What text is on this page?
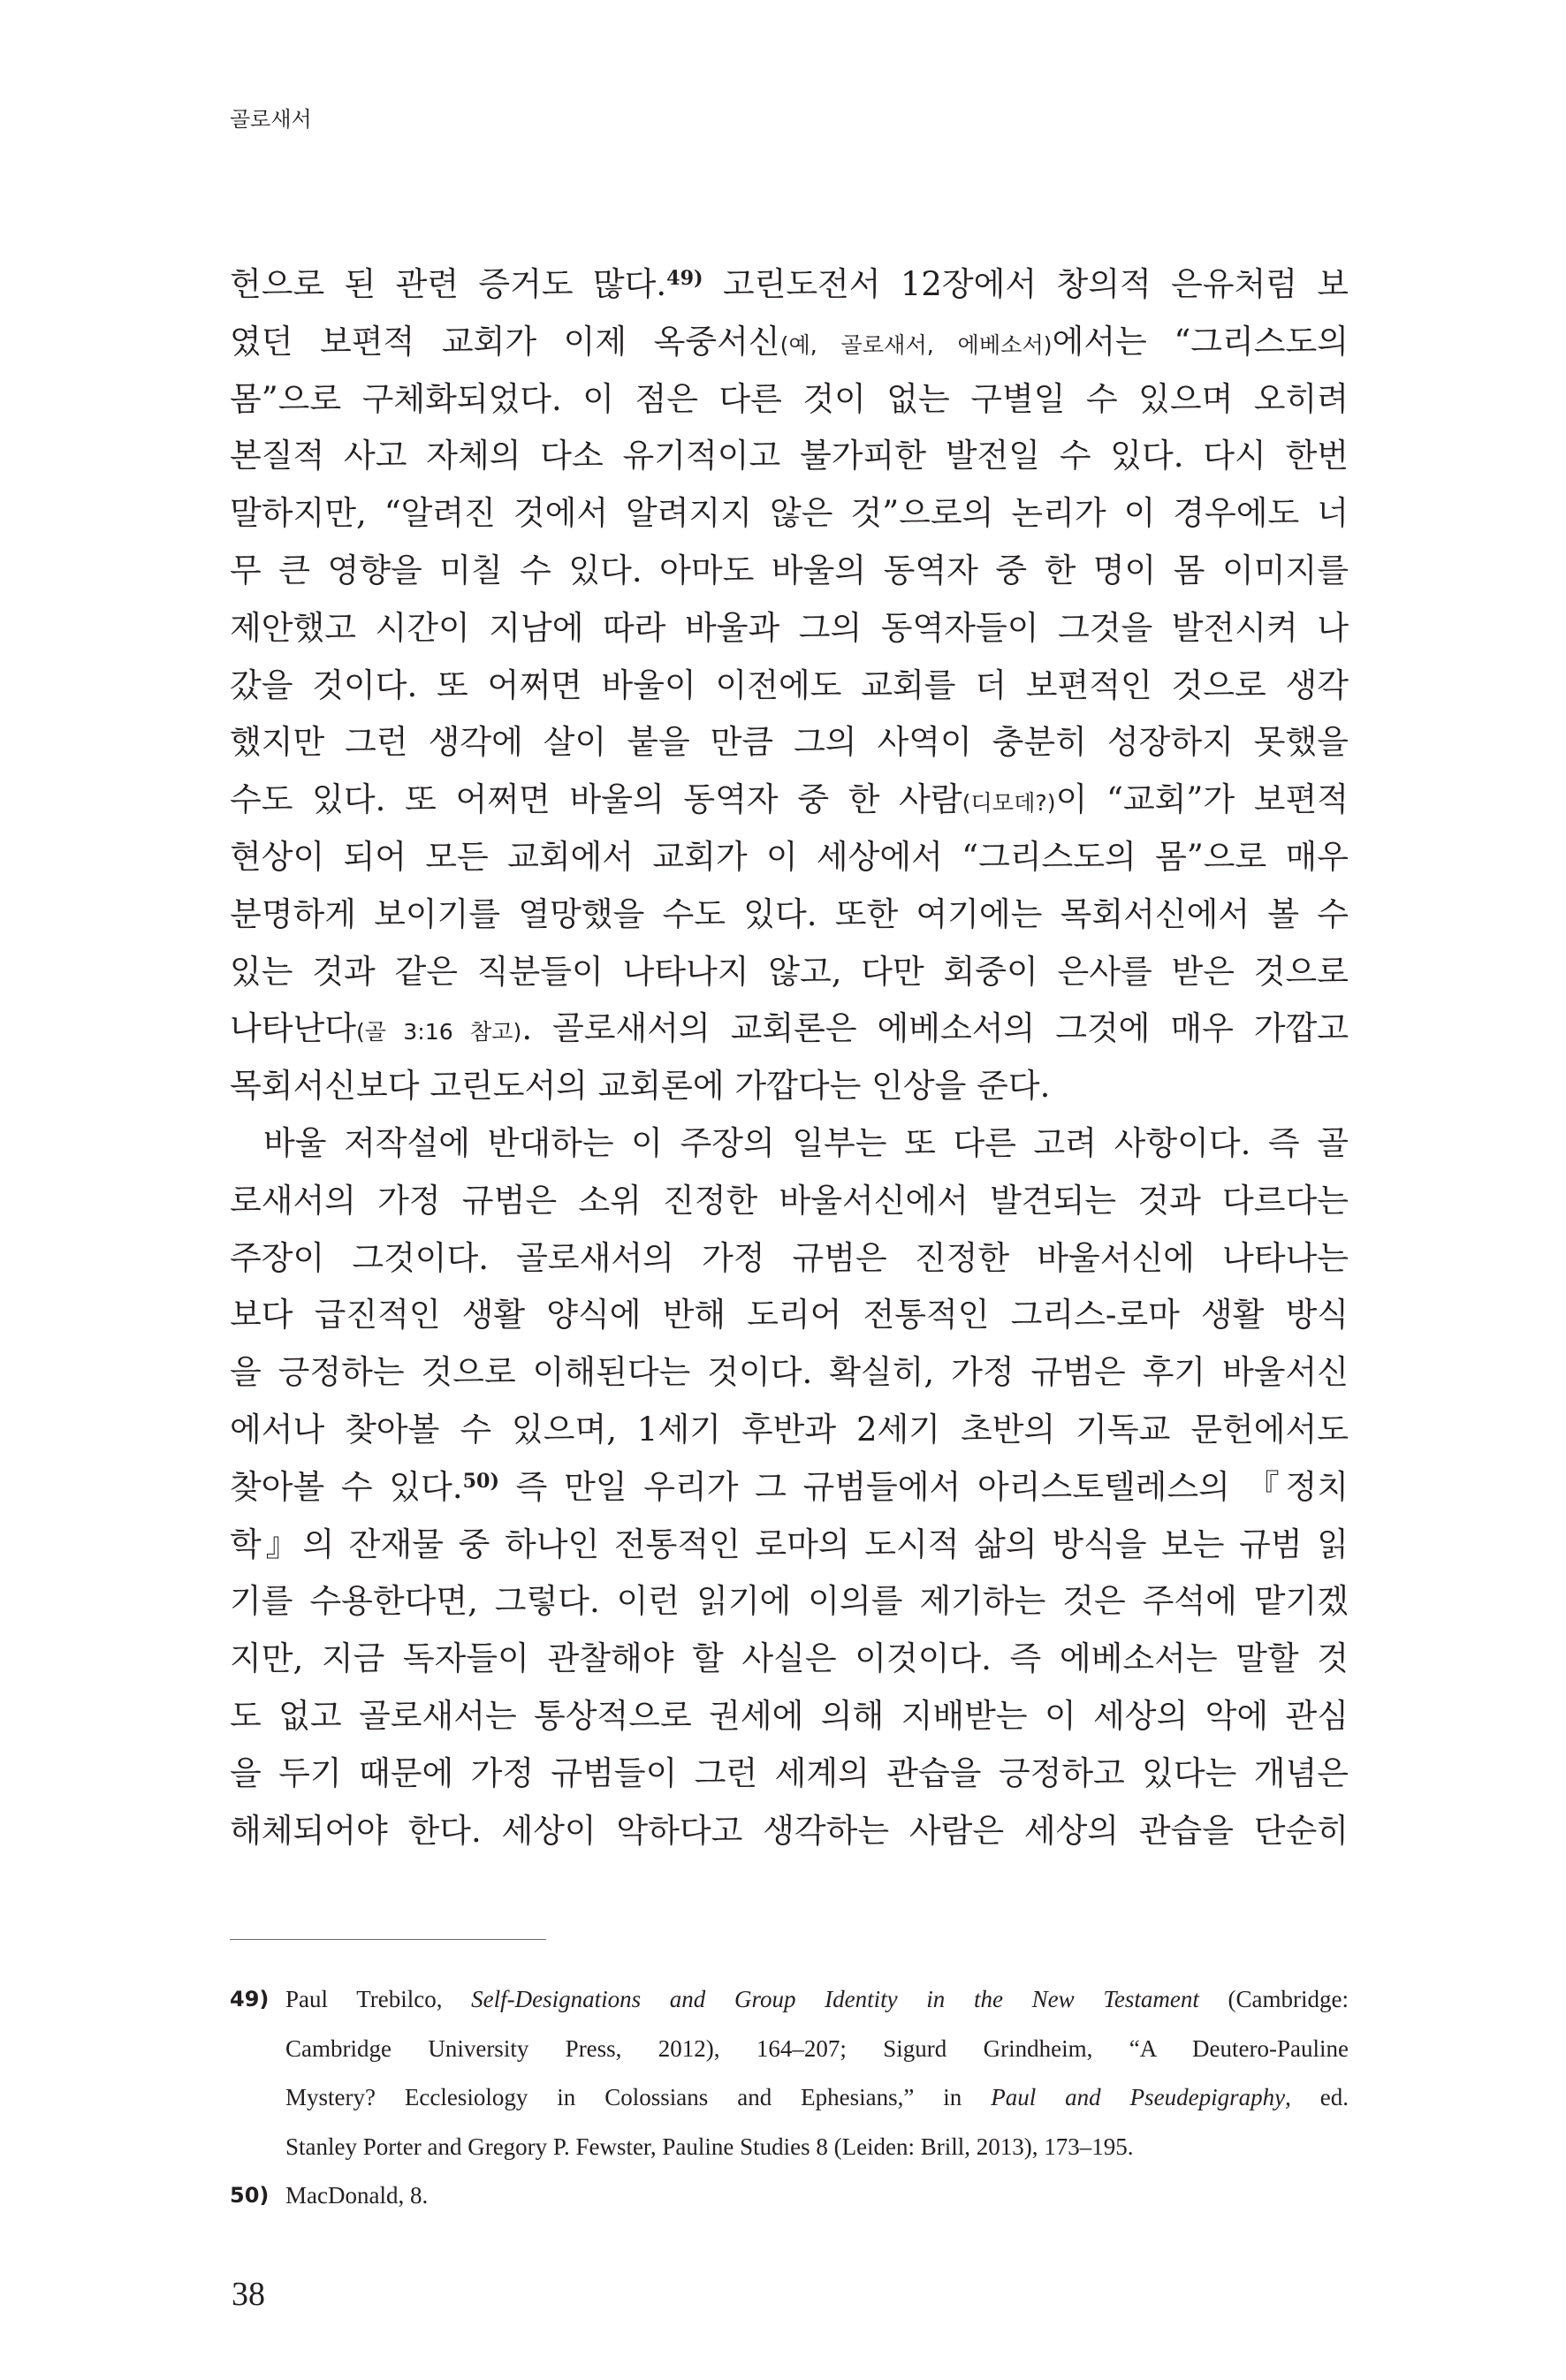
골로새서
헌으로 된 관련 증거도 많다.$^{49)}$ 고린도전서 12장에서 창의적 은유처럼 보
였던 보편적 교회가 이제 옥중서신(예, 골로새서, 에베소서)에서는 “그리스도의
몸”으로 구체화되었다. 이 점은 다른 것이 없는 구별일 수 있으며 오히려
본질적 사고 자체의 다소 유기적이고 불가피한 발전일 수 있다. 다시 한번
말하지만, “알려진 것에서 알려지지 않은 것”으로의 논리가 이 경우에도 너
무 큰 영향을 미칠 수 있다. 아마도 바울의 동역자 중 한 명이 몸 이미지를
제안했고 시간이 지남에 따라 바울과 그의 동역자들이 그것을 발전시켜 나
갔을 것이다. 또 어쩌면 바울이 이전에도 교회를 더 보편적인 것으로 생각
했지만 그런 생각에 살이 붙을 만큼 그의 사역이 충분히 성장하지 못했을
수도 있다. 또 어쩌면 바울의 동역자 중 한 사람(디모데?)이 “교회”가 보편적
현상이 되어 모든 교회에서 교회가 이 세상에서 “그리스도의 몸”으로 매우
분명하게 보이기를 열망했을 수도 있다. 또한 여기에는 목회서신에서 볼 수
있는 것과 같은 직분들이 나타나지 않고, 다만 회중이 은사를 받은 것으로
나타난다(골 3:16 참고). 골로새서의 교회론은 에베소서의 그것에 매우 가깝고
목회서신보다 고린도서의 교회론에 가깝다는 인상을 준다.
바울 저작설에 반대하는 이 주장의 일부는 또 다른 고려 사항이다. 즉 골
로새서의 가정 규범은 소위 진정한 바울서신에서 발견되는 것과 다르다는
주장이 그것이다. 골로새서의 가정 규범은 진정한 바울서신에 나타나는
보다 급진적인 생활 양식에 반해 도리어 전통적인 그리스-로마 생활 방식
을 긍정하는 것으로 이해된다는 것이다. 확실히, 가정 규범은 후기 바울서신
에서나 찾아볼 수 있으며, 1세기 후반과 2세기 초반의 기독교 문헌에서도
찾아볼 수 있다.$^{50)}$ 즉 만일 우리가 그 규범들에서 아리스토텔레스의 『정치
학』의 잔재물 중 하나인 전통적인 로마의 도시적 삶의 방식을 보는 규범 읽
기를 수용한다면, 그렇다. 이런 읽기에 이의를 제기하는 것은 주석에 맡기겠
지만, 지금 독자들이 관찰해야 할 사실은 이것이다. 즉 에베소서는 말할 것
도 없고 골로새서는 통상적으로 권세에 의해 지배받는 이 세상의 악에 관심
을 두기 때문에 가정 규범들이 그런 세계의 관습을 긍정하고 있다는 개념은
해체되어야 한다. 세상이 악하다고 생각하는 사람은 세상의 관습을 단순히
49) Paul Trebilco, Self-Designations and Group Identity in the New Testament (Cambridge:
Cambridge University Press, 2012), 164–207; Sigurd Grindheim, “A Deutero-Pauline
Mystery? Ecclesiology in Colossians and Ephesians,” in Paul and Pseudepigraphy, ed.
Stanley Porter and Gregory P. Fewster, Pauline Studies 8 (Leiden: Brill, 2013), 173–195.
50) MacDonald, 8.
38
